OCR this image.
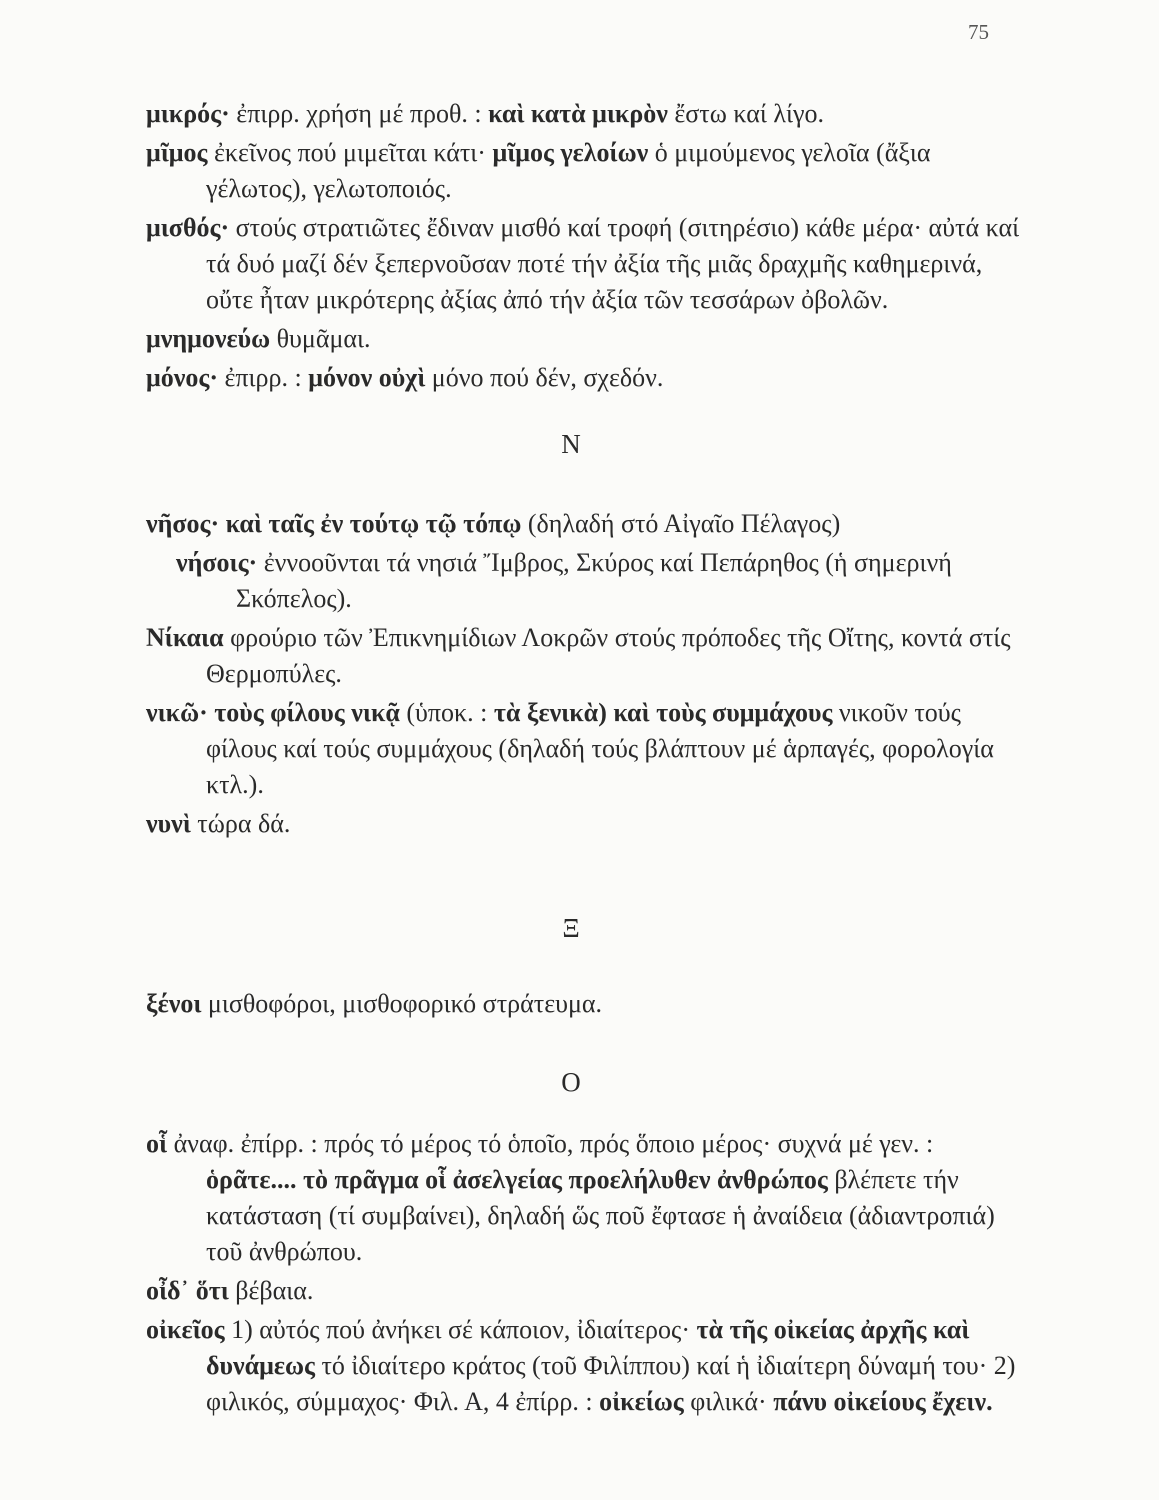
75
μικρός· ἐπιρρ. χρήση μέ προθ. : καὶ κατὰ μικρὸν ἔστω καί λίγο.
μῖμος ἐκεῖνος πού μιμεῖται κάτι· μῖμος γελοίων ὁ μιμούμενος γελοῖα (ἄξια γέλωτος), γελωτοποιός.
μισθός· στούς στρατιῶτες ἔδιναν μισθό καί τροφή (σιτηρέσιο) κάθε μέρα· αὐτά καί τά δυό μαζί δέν ξεπερνοῦσαν ποτέ τήν ἀξία τῆς μιᾶς δραχμῆς καθημερινά, οὔτε ἦταν μικρότερης ἀξίας ἀπό τήν ἀξία τῶν τεσσάρων ὀβολῶν.
μνημονεύω θυμᾶμαι.
μόνος· ἐπιρρ. : μόνον οὐχὶ μόνο πού δέν, σχεδόν.
Ν
νῆσος· καὶ ταῖς ἐν τούτῳ τῷ τόπῳ (δηλαδή στό Αἰγαῖο Πέλαγος)
νήσοις· ἐννοοῦνται τά νησιά Ἴμβρος, Σκύρος καί Πεπάρηθος (ἡ σημερινή Σκόπελος).
Νίκαια φρούριο τῶν Ἐπικνημίδιων Λοκρῶν στούς πρόποδες τῆς Οἴτης, κοντά στίς Θερμοπύλες.
νικῶ· τοὺς φίλους νικᾷ (ὑποκ. : τὰ ξενικὰ) καὶ τοὺς συμμάχους νικοῦν τούς φίλους καί τούς συμμάχους (δηλαδή τούς βλάπτουν μέ ἁρπαγές, φορολογία κτλ.).
νυνὶ τώρα δά.
Ξ
ξένοι μισθοφόροι, μισθοφορικό στράτευμα.
Ο
οἷ ἀναφ. ἐπίρρ. : πρός τό μέρος τό ὁποῖο, πρός ὅποιο μέρος· συχνά μέ γεν. : ὁρᾶτε.... τὸ πρᾶγμα οἷ ἀσελγείας προελήλυθεν ἀνθρώπος βλέπετε τήν κατάσταση (τί συμβαίνει), δηλαδή ὥς ποῦ ἔφτασε ἡ ἀναίδεια (ἀδιαντροπιά) τοῦ ἀνθρώπου.
οἶδ᾽ ὅτι βέβαια.
οἰκεῖος 1) αὐτός πού ἀνήκει σέ κάποιον, ἰδιαίτερος· τὰ τῆς οἰκείας ἀρχῆς καὶ δυνάμεως τό ἰδιαίτερο κράτος (τοῦ Φιλίππου) καί ἡ ἰδιαίτερη δύναμή του· 2) φιλικός, σύμμαχος· Φιλ. Α, 4 ἐπίρρ. : οἰκείως φιλικά· πάνυ οἰκείους ἔχειν.
